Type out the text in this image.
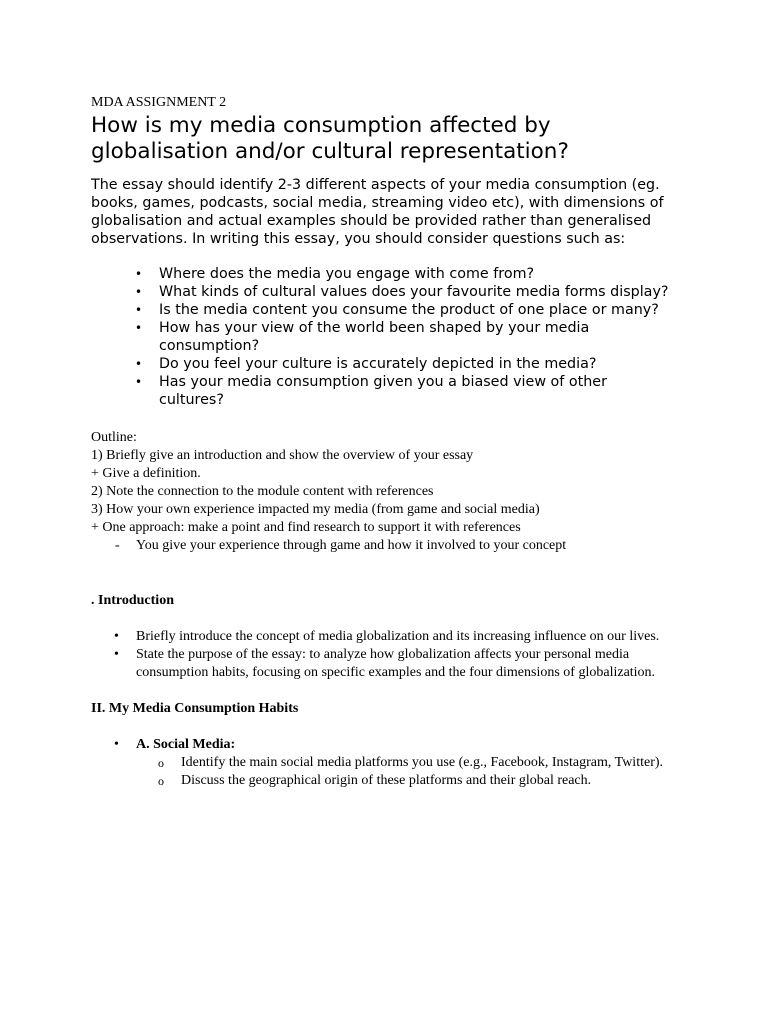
MDA ASSIGNMENT 2

How is my media consumption affected by globalisation and/or cultural representation?

The essay should identify 2-3 different aspects of your media consumption (eg. books, games, podcasts, social media, streaming video etc), with dimensions of globalisation and actual examples should be provided rather than generalised observations. In writing this essay, you should consider questions such as:

• Where does the media you engage with come from?
• What kinds of cultural values does your favourite media forms display?
• Is the media content you consume the product of one place or many?
• How has your view of the world been shaped by your media consumption?
• Do you feel your culture is accurately depicted in the media?
• Has your media consumption given you a biased view of other cultures?
Outline:
1) Briefly give an introduction and show the overview of your essay
+ Give a definition.
2) Note the connection to the module content with references
3) How your own experience impacted my media (from game and social media)
+ One approach: make a point and find research to support it with references
- You give your experience through game and how it involved to your concept

. Introduction

• Briefly introduce the concept of media globalization and its increasing influence on our lives.
• State the purpose of the essay: to analyze how globalization affects your personal media consumption habits, focusing on specific examples and the four dimensions of globalization.

II. My Media Consumption Habits

• A. Social Media:
o Identify the main social media platforms you use (e.g., Facebook, Instagram, Twitter).
o Discuss the geographical origin of these platforms and their global reach.
